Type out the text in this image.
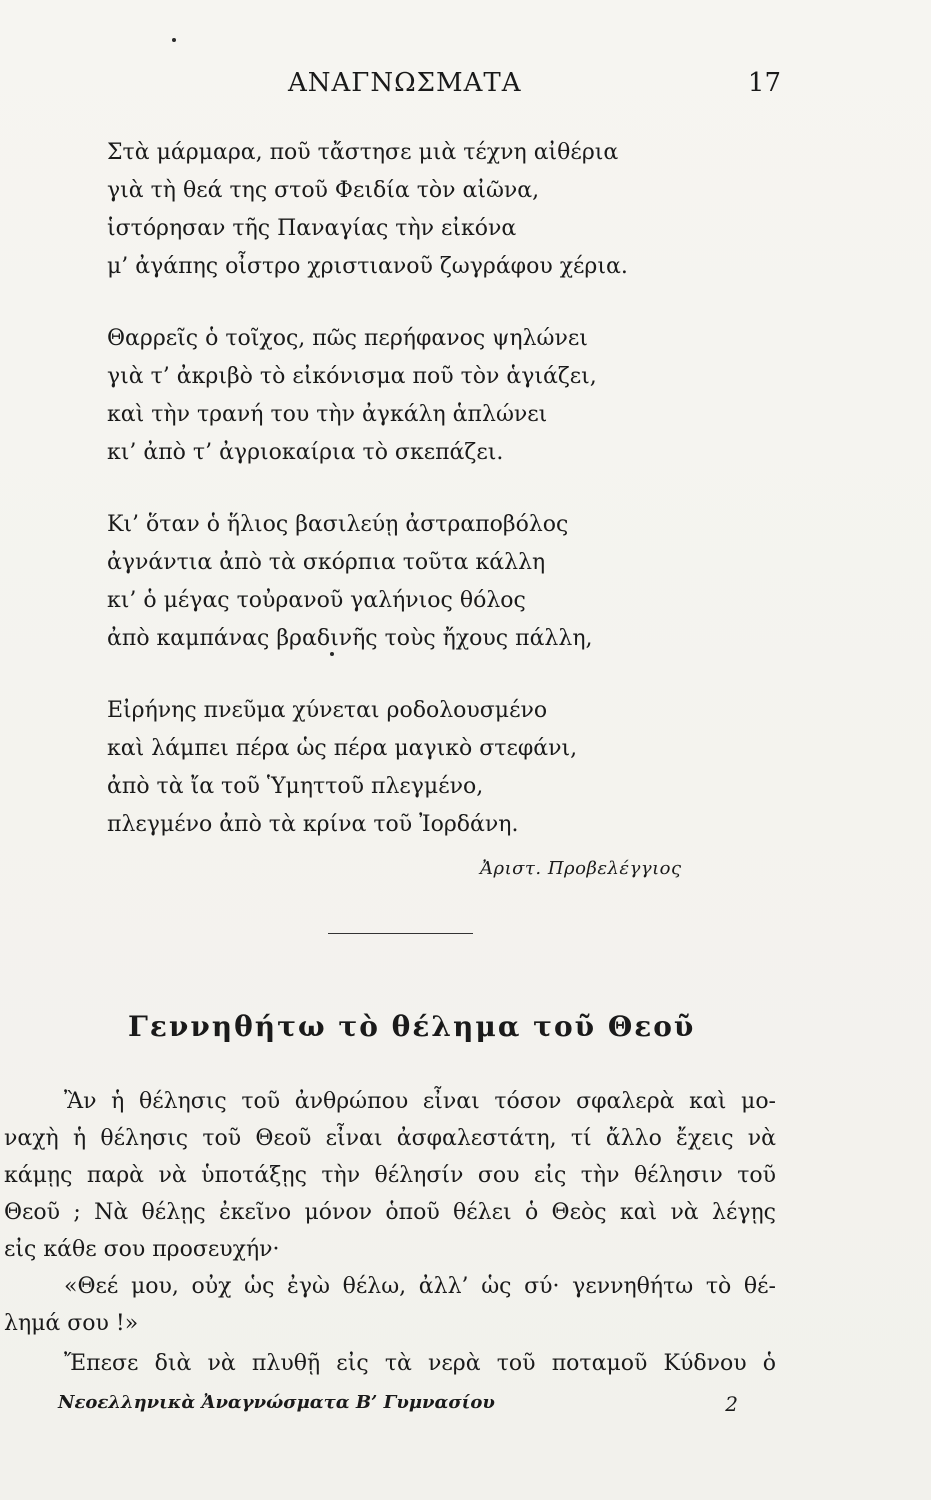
ΑΝΑΓΝΩΣΜΑΤΑ	17
Στὰ μάρμαρα, ποῦ τἄστησε μιὰ τέχνη αἰθέρια
γιὰ τὴ θεά της στοῦ Φειδία τὸν αἰῶνα,
ἱστόρησαν τῆς Παναγίας τὴν εἰκόνα
μ’ ἀγάπης οἶστρο χριστιανοῦ ζωγράφου χέρια.
Θαρρεῖς ὁ τοῖχος, πῶς περήφανος ψηλώνει
γιὰ τ’ ἀκριβὸ τὸ εἰκόνισμα ποῦ τὸν ἁγιάζει,
καὶ τὴν τρανή του τὴν ἀγκάλη ἁπλώνει
κι’ ἀπὸ τ’ ἀγριοκαίρια τὸ σκεπάζει.
Κι’ ὅταν ὁ ἥλιος βασιλεύῃ ἀστραποβόλος
ἀγνάντια ἀπὸ τὰ σκόρπια τοῦτα κάλλη
κι’ ὁ μέγας τοὐρανοῦ γαλήνιος θόλος
ἀπὸ καμπάνας βραδινῆς τοὺς ἤχους πάλλη,
Εἰρήνης πνεῦμα χύνεται ροδολουσμένο
καὶ λάμπει πέρα ὡς πέρα μαγικὸ στεφάνι,
ἀπὸ τὰ ἴα τοῦ Ὑμηττοῦ πλεγμένο,
πλεγμένο ἀπὸ τὰ κρίνα τοῦ Ἰορδάνη.
Ἀριστ. Προβελέγγιος
Γεννηθήτω τὸ θέλημα τοῦ Θεοῦ
Ἂν ἡ θέλησις τοῦ ἀνθρώπου εἶναι τόσον σφαλερὰ καὶ μο-
ναχὴ ἡ θέλησις τοῦ Θεοῦ εἶναι ἀσφαλεστάτη, τί ἄλλο ἔχεις νὰ
κάμῃς παρὰ νὰ ὑποτάξῃς τὴν θέλησίν σου εἰς τὴν θέλησιν τοῦ
Θεοῦ ; Νὰ θέλῃς ἐκεῖνο μόνον ὁποῦ θέλει ὁ Θεὸς καὶ νὰ λέγῃς
εἰς κάθε σου προσευχήν·
«Θεέ μου, οὐχ ὡς ἐγὼ θέλω, ἀλλ’ ὡς σύ· γεννηθήτω τὸ θέ-
λημά σου !»
Ἔπεσε διὰ νὰ πλυθῇ εἰς τὰ νερὰ τοῦ ποταμοῦ Κύδνου ὁ
Νεοελληνικὰ Ἀναγνώσματα Β’ Γυμνασίου	2
